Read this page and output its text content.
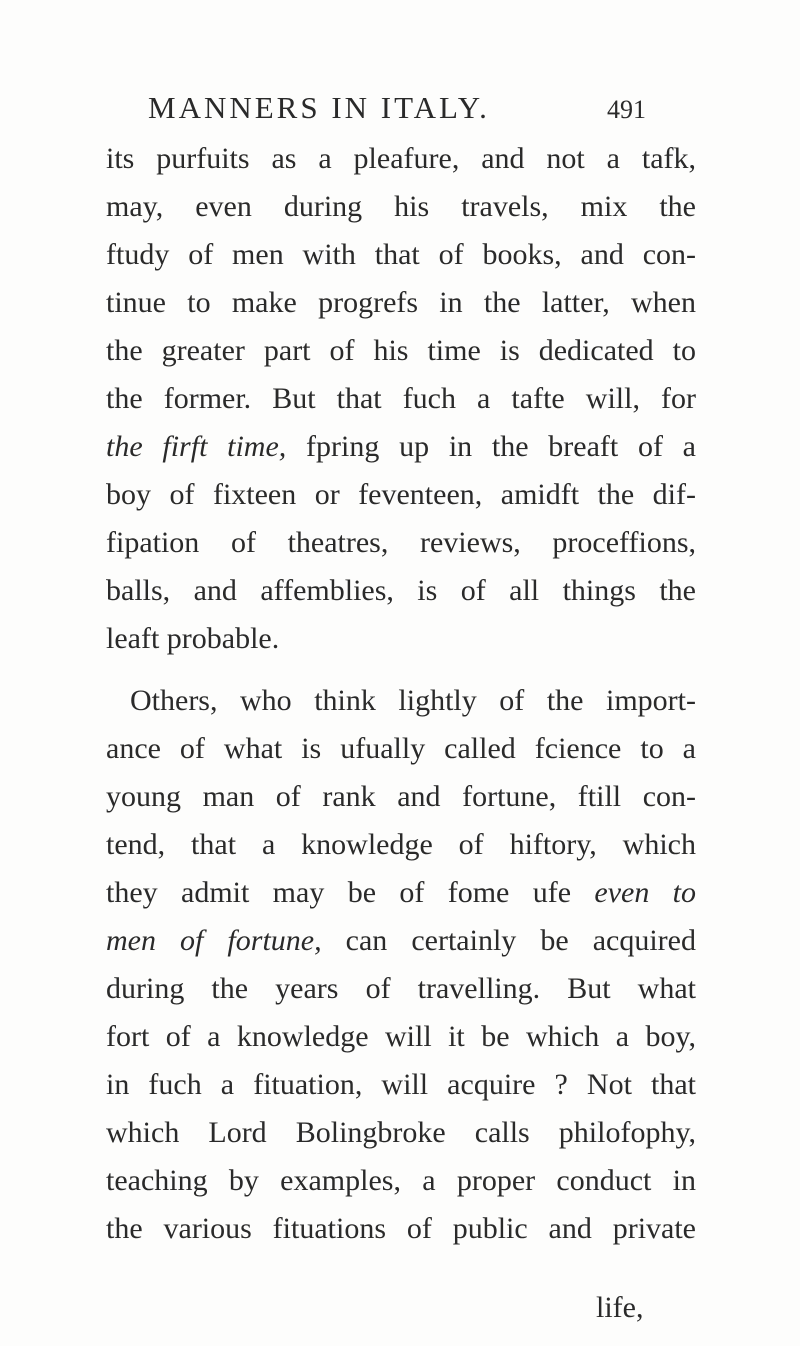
MANNERS IN ITALY.	491
its purfuits as a pleafure, and not a tafk,
may, even during his travels, mix the
ftudy of men with that of books, and con-
tinue to make progrefs in the latter, when
the greater part of his time is dedicated to
the former. But that fuch a tafte will, for
the firft time, fpring up in the breaft of a
boy of fixteen or feventeen, amidft the dif-
fipation of theatres, reviews, proceffions,
balls, and affemblies, is of all things the
leaft probable.
Others, who think lightly of the import-
ance of what is ufually called fcience to a
young man of rank and fortune, ftill con-
tend, that a knowledge of hiftory, which
they admit may be of fome ufe even to
men of fortune, can certainly be acquired
during the years of travelling. But what
fort of a knowledge will it be which a boy,
in fuch a fituation, will acquire ? Not that
which Lord Bolingbroke calls philofophy,
teaching by examples, a proper conduct in
the various fituations of public and private
life,
